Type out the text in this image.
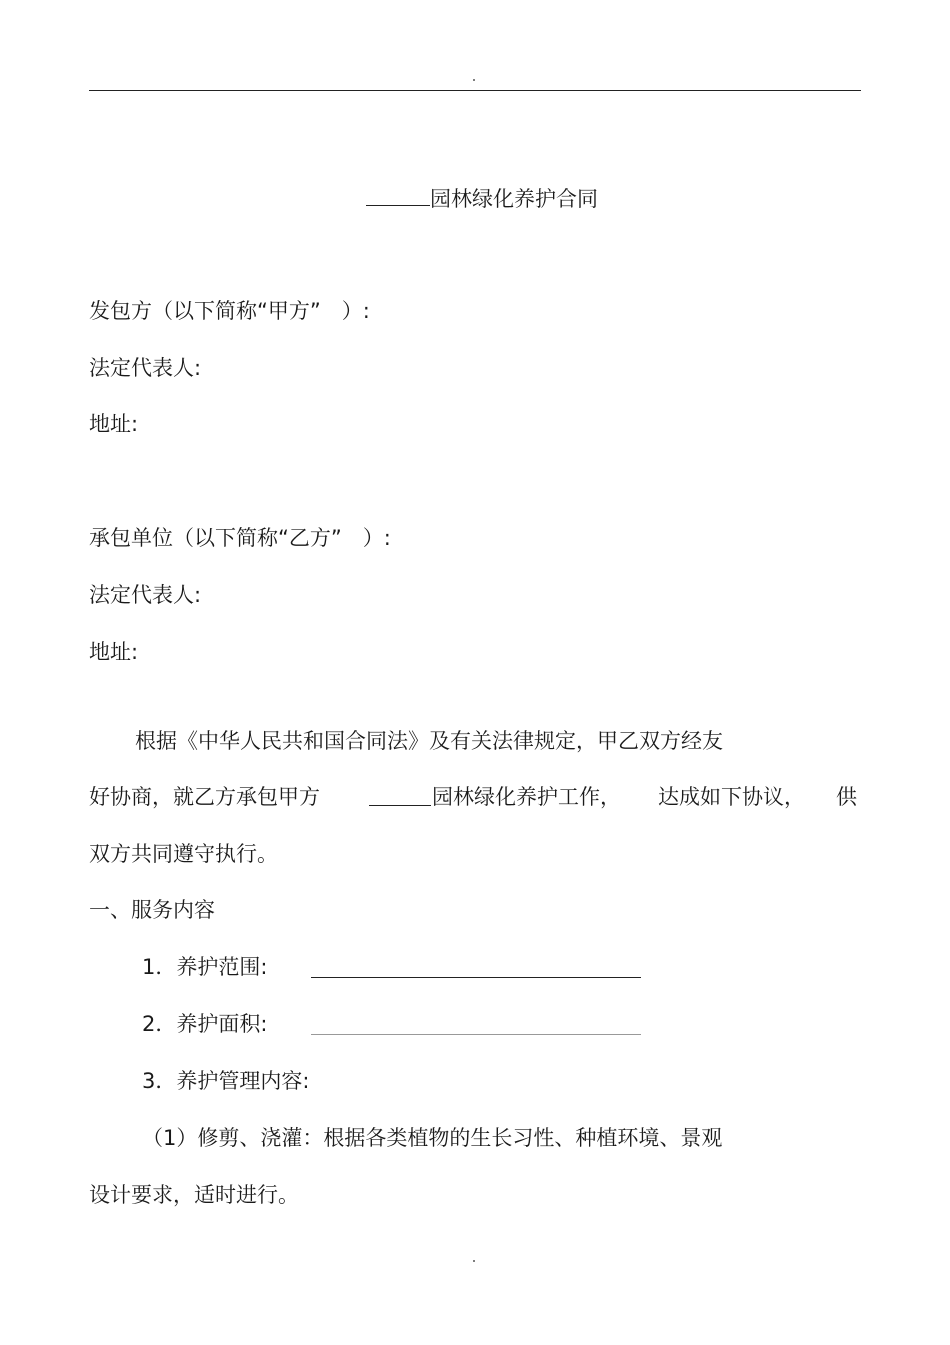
园林绿化养护合同
发包方（以下简称“甲方”　）:
法定代表人:
地址:
承包单位（以下简称“乙方”　）:
法定代表人:
地址:
根据《中华人民共和国合同法》及有关法律规定，甲乙双方经友
好协商，就乙方承包甲方	园林绿化养护工作， 达成如下协议， 供
双方共同遵守执行。
一、服务内容
1．养护范围:
2．养护面积:
3．养护管理内容:
（1）修剪、浇灌：根据各类植物的生长习性、种植环境、景观
设计要求，适时进行。
